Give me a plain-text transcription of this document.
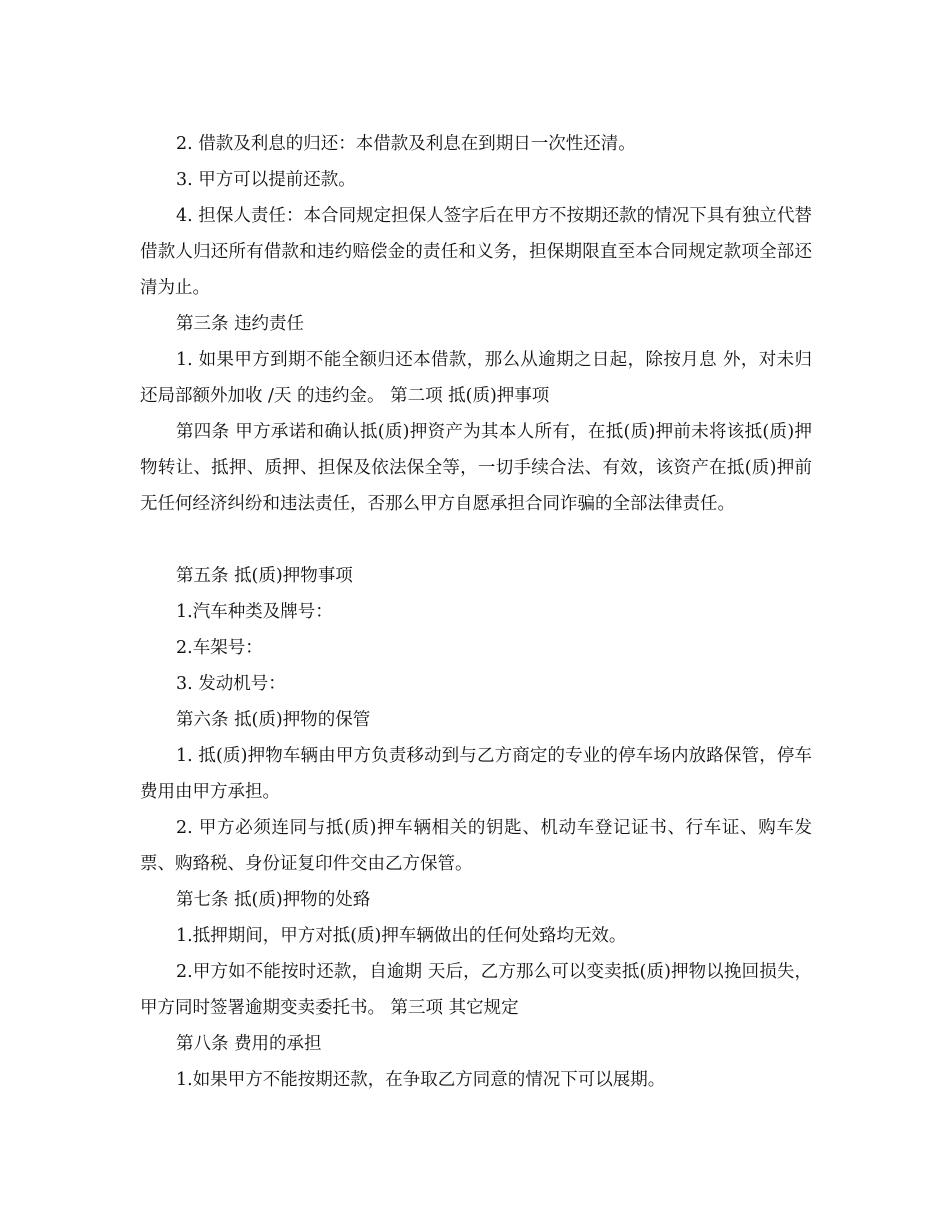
2. 借款及利息的归还：本借款及利息在到期日一次性还清。

3. 甲方可以提前还款。

4. 担保人责任：本合同规定担保人签字后在甲方不按期还款的情况下具有独立代替借款人归还所有借款和违约赔偿金的责任和义务，担保期限直至本合同规定款项全部还清为止。

第三条 违约责任

1. 如果甲方到期不能全额归还本借款，那么从逾期之日起，除按月息 外，对未归还局部额外加收 /天 的违约金。 第二项 抵(质)押事项

第四条 甲方承诺和确认抵(质)押资产为其本人所有，在抵(质)押前未将该抵(质)押物转让、抵押、质押、担保及依法保全等，一切手续合法、有效，该资产在抵(质)押前无任何经济纠纷和违法责任，否那么甲方自愿承担合同诈骗的全部法律责任。

第五条 抵(质)押物事项

1.汽车种类及牌号：

2.车架号：

3. 发动机号：

第六条 抵(质)押物的保管

1. 抵(质)押物车辆由甲方负责移动到与乙方商定的专业的停车场内放路保管，停车费用由甲方承担。

2. 甲方必须连同与抵(质)押车辆相关的钥匙、机动车登记证书、行车证、购车发票、购臵税、身份证复印件交由乙方保管。

第七条 抵(质)押物的处臵

1.抵押期间，甲方对抵(质)押车辆做出的任何处臵均无效。

2.甲方如不能按时还款，自逾期 天后，乙方那么可以变卖抵(质)押物以挽回损失，甲方同时签署逾期变卖委托书。 第三项 其它规定

第八条 费用的承担

1.如果甲方不能按期还款，在争取乙方同意的情况下可以展期。
